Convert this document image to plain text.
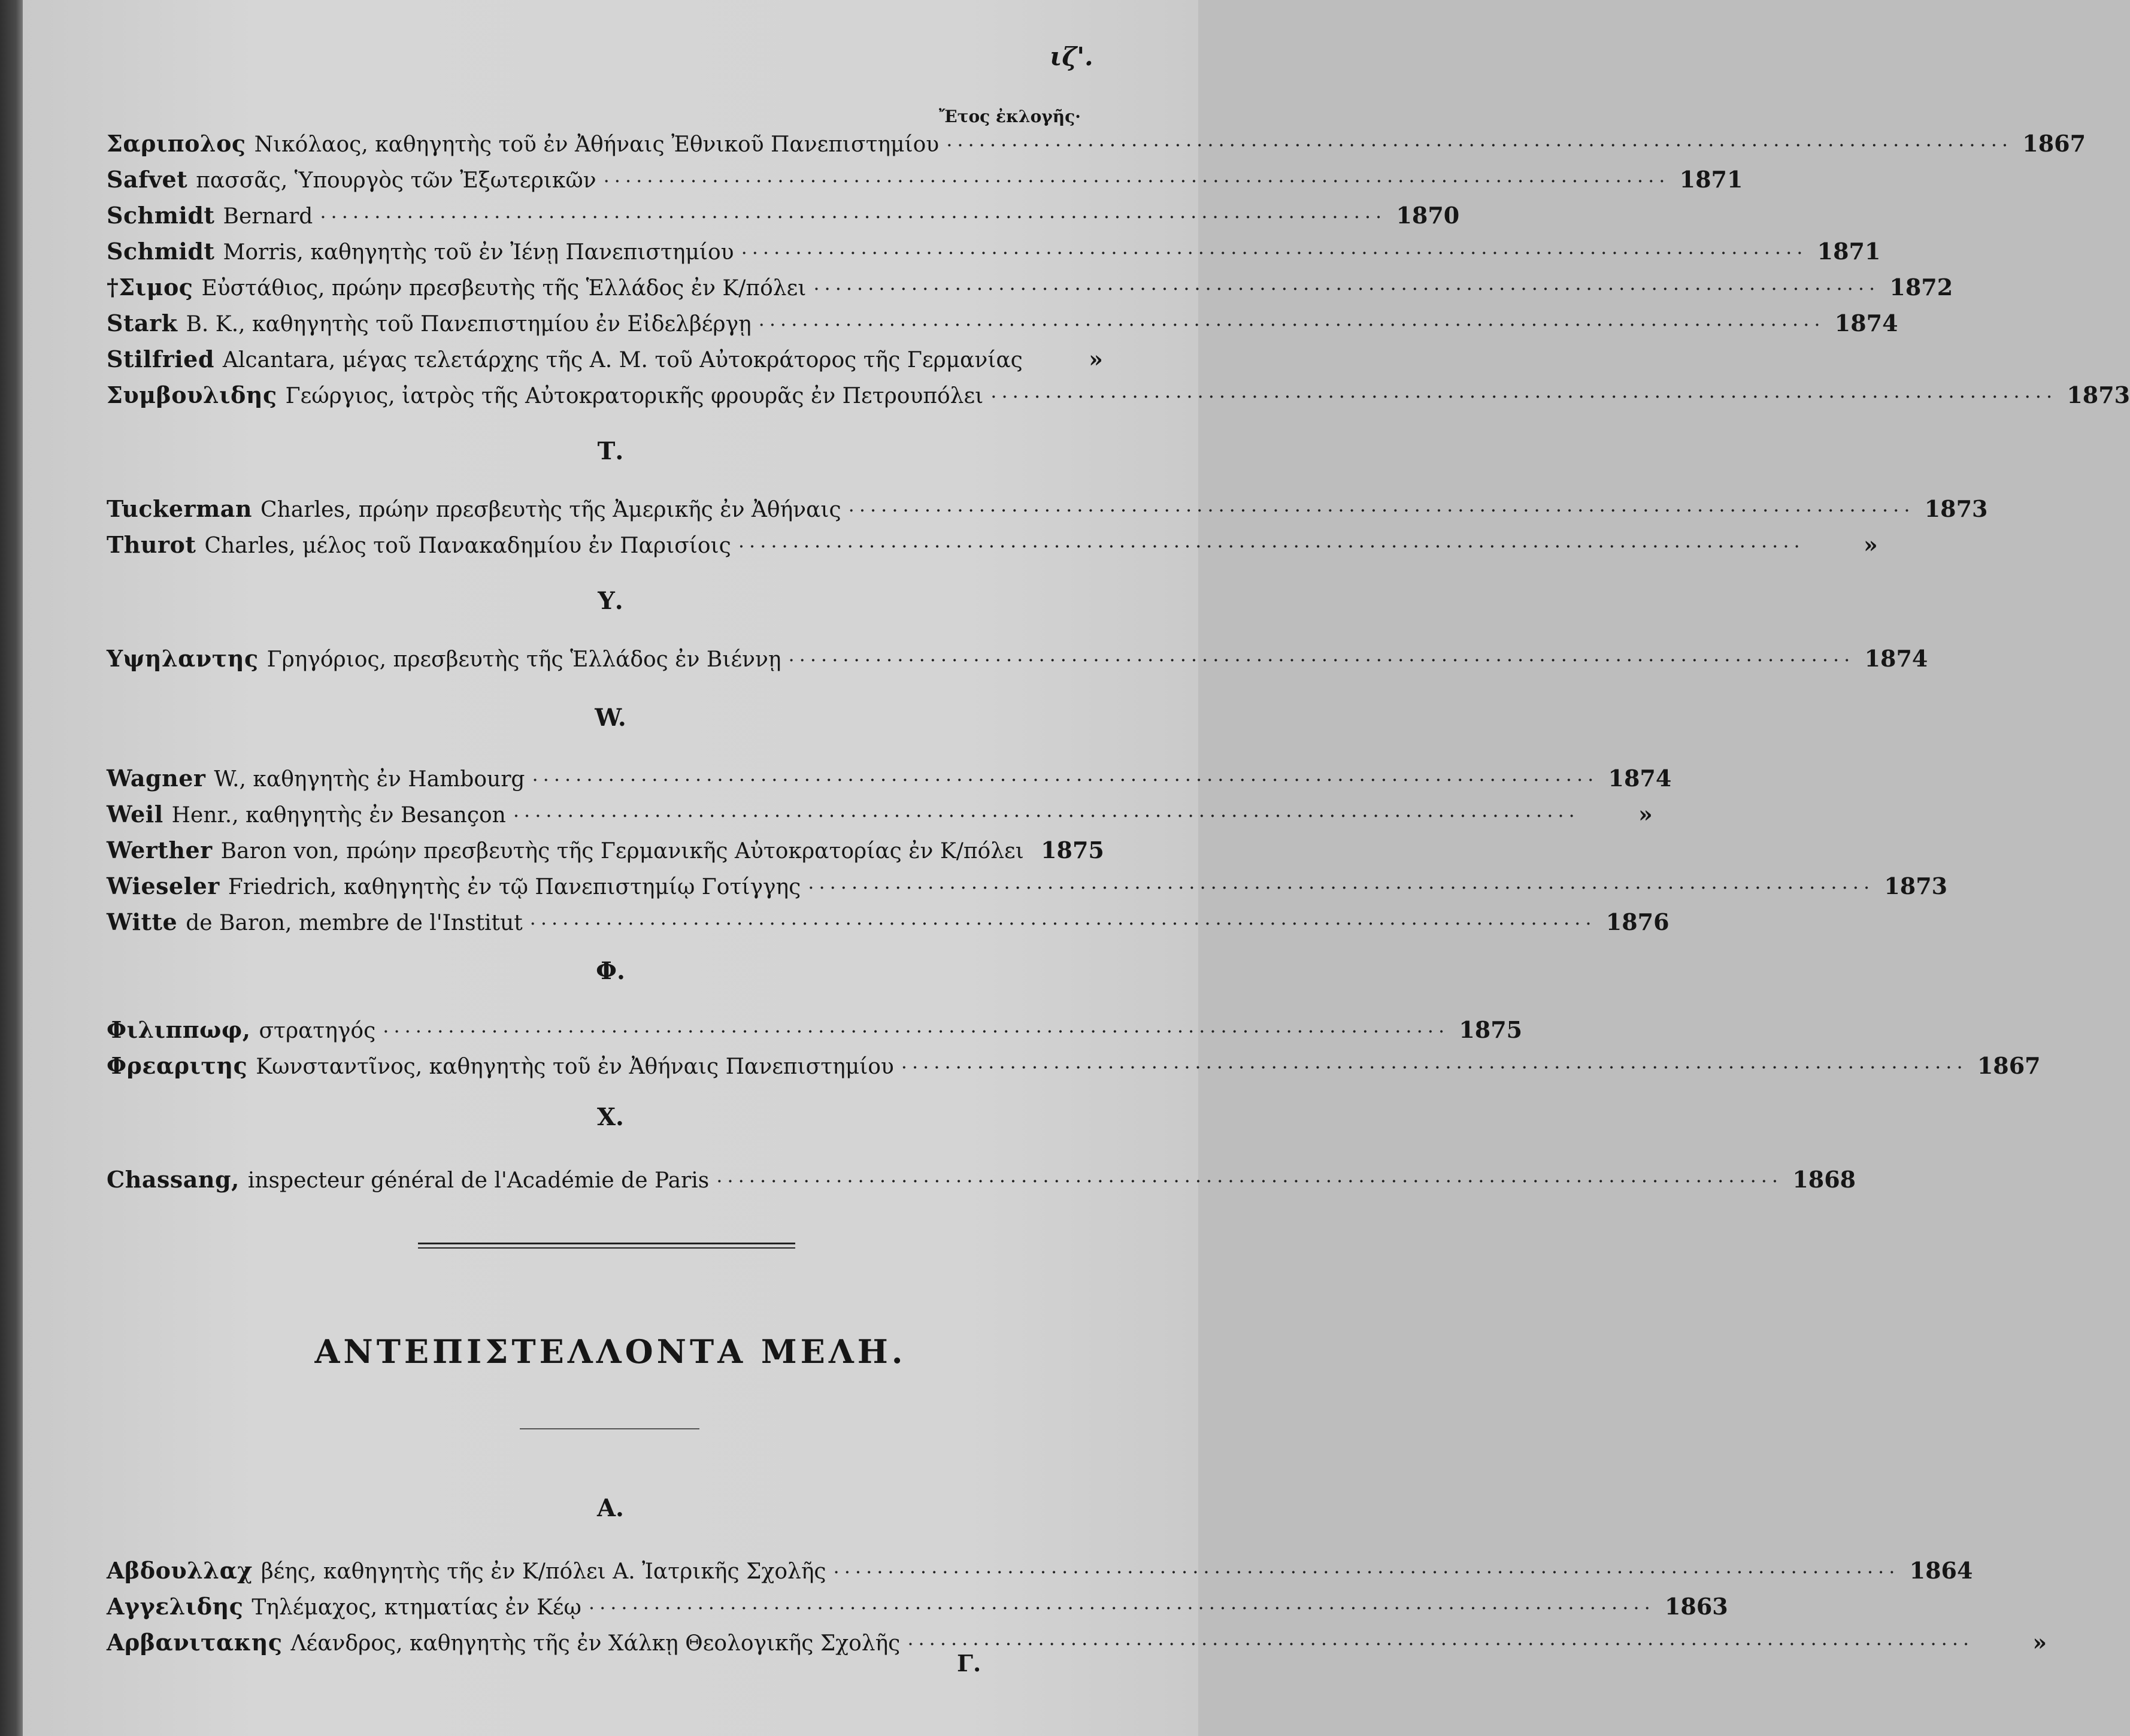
ιζ'.
Ἔτος ἐκλογῆς·
Σαριπολος Νικόλαος, καθηγητὴς τοῦ ἐν Ἀθήναις Ἐθνικοῦ Πανεπιστημίου .................................................................................................. 1867
Safvet πασσᾶς, Ὑπουργὸς τῶν Ἐξωτερικῶν .................................................................................................. 1871
Schmidt Bernard .................................................................................................. 1870
Schmidt Morris, καθηγητὴς τοῦ ἐν Ἰένῃ Πανεπιστημίου .................................................................................................. 1871
†Σιμος Εὐστάθιος, πρώην πρεσβευτὴς τῆς Ἑλλάδος ἐν Κ/πόλει .................................................................................................. 1872
Stark B. K., καθηγητὴς τοῦ Πανεπιστημίου ἐν Εἰδελβέργῃ .................................................................................................. 1874
Stilfried Alcantara, μέγας τελετάρχης τῆς Α. Μ. τοῦ Αὐτοκράτορος τῆς Γερμανίας	»
Συμβουλιδης Γεώργιος, ἰατρὸς τῆς Αὐτοκρατορικῆς φρουρᾶς ἐν Πετρουπόλει .................................................................................................. 1873
Τ.
Tuckerman Charles, πρώην πρεσβευτὴς τῆς Ἀμερικῆς ἐν Ἀθήναις .................................................................................................. 1873
Thurot Charles, μέλος τοῦ Πανακαδημίου ἐν Παρισίοις ..................................................................................................	»
Υ.
Υψηλαντης Γρηγόριος, πρεσβευτὴς τῆς Ἑλλάδος ἐν Βιέννῃ .................................................................................................. 1874
W.
Wagner W., καθηγητὴς ἐν Hambourg .................................................................................................. 1874
Weil Henr., καθηγητὴς ἐν Besançon ..................................................................................................	»
Werther Baron von, πρώην πρεσβευτὴς τῆς Γερμανικῆς Αὐτοκρατορίας ἐν Κ/πόλει 1875
Wieseler Friedrich, καθηγητὴς ἐν τῷ Πανεπιστημίῳ Γοτίγγης .................................................................................................. 1873
Witte de Baron, membre de l'Institut .................................................................................................. 1876
Φ.
Φιλιππωφ, στρατηγός .................................................................................................. 1875
Φρεαριτης Κωνσταντῖνος, καθηγητὴς τοῦ ἐν Ἀθήναις Πανεπιστημίου .................................................................................................. 1867
Χ.
Chassang, inspecteur général de l'Académie de Paris .................................................................................................. 1868
ΑΝΤΕΠΙΣΤΕΛΛΟΝΤΑ ΜΕΛΗ.
Α.
Αβδουλλαχ βέης, καθηγητὴς τῆς ἐν Κ/πόλει Α. Ἰατρικῆς Σχολῆς .................................................................................................. 1864
Αγγελιδης Τηλέμαχος, κτηματίας ἐν Κέῳ .................................................................................................. 1863
Αρβανιτακης Λέανδρος, καθηγητὴς τῆς ἐν Χάλκῃ Θεολογικῆς Σχολῆς ..................................................................................................	»
Γ.
